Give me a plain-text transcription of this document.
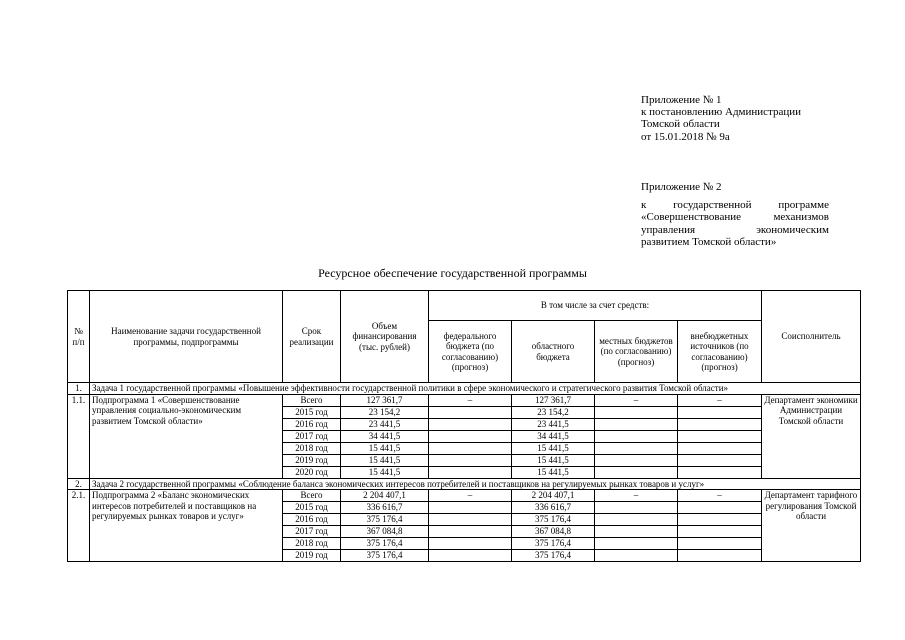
Приложение № 1
к постановлению Администрации
Томской области
от 15.01.2018 № 9а
Приложение № 2
к государственной программе
«Совершенствование	механизмов
управления	экономическим
развитием Томской области»
Ресурсное обеспечение государственной программы
№ п/п	Наименование задачи государственной программы, подпрограммы	Срок реализации	Объем финансирования (тыс. рублей)	В том числе за счет средств:				Соисполнитель
				федерального бюджета (по согласованию) (прогноз)	областного бюджета	местных бюджетов (по согласованию) (прогноз)	внебюджетных источников (по согласованию) (прогноз)	
1.	Задача 1 государственной программы «Повышение эффективности государственной политики в сфере экономического и стратегического развития Томской области»							
1.1.	Подпрограмма 1 «Совершенствование управления социально-экономическим развитием Томской области»	Всего	127 361,7	–	127 361,7	–	–	Департамент экономики Администрации Томской области
		2015 год	23 154,2		23 154,2			
		2016 год	23 441,5		23 441,5			
		2017 год	34 441,5		34 441,5			
		2018 год	15 441,5		15 441,5			
		2019 год	15 441,5		15 441,5			
		2020 год	15 441,5		15 441,5			
2.	Задача 2 государственной программы «Соблюдение баланса экономических интересов потребителей и поставщиков на регулируемых рынках товаров и услуг»							
2.1.	Подпрограмма 2 «Баланс экономических интересов потребителей и поставщиков на регулируемых рынках товаров и услуг»	Всего	2 204 407,1	–	2 204 407,1	–	–	Департамент тарифного регулирования Томской области
		2015 год	336 616,7		336 616,7			
		2016 год	375 176,4		375 176,4			
		2017 год	367 084,8		367 084,8			
		2018 год	375 176,4		375 176,4			
		2019 год	375 176,4		375 176,4			
